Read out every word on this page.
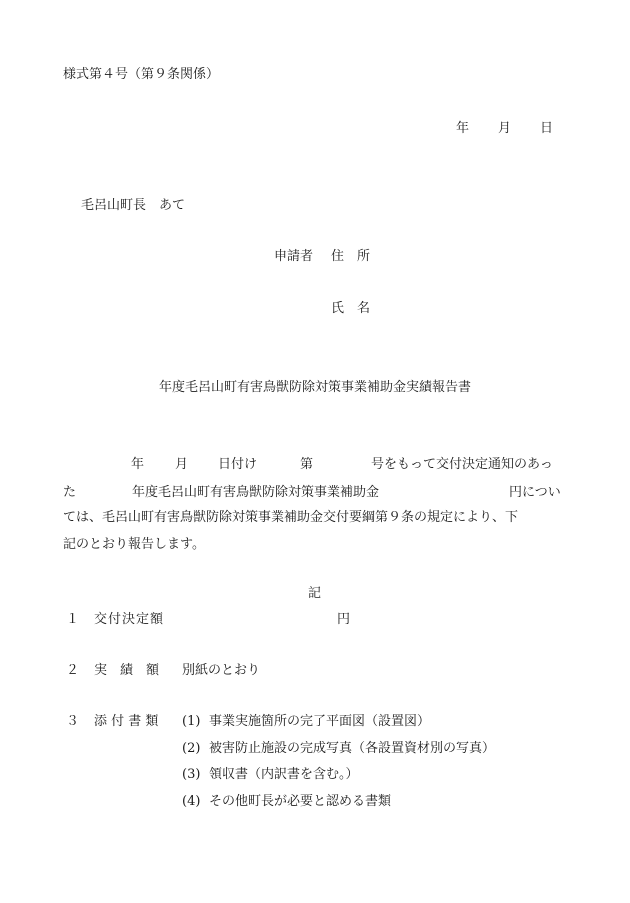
様式第４号（第９条関係）
年 月 日
毛呂山町長　あて
申請者 住　所
氏　名
年度毛呂山町有害鳥獣防除対策事業補助金実績報告書
年 月 日付け	第	号をもって交付決定通知のあっ
た	年度毛呂山町有害鳥獣防除対策事業補助金	円につい
ては、毛呂山町有害鳥獣防除対策事業補助金交付要綱第９条の規定により、下
記のとおり報告します。
記
１ 交付決定額	円
２ 実　績　額 別紙のとおり
３ 添 付 書 類 (1) 事業実施箇所の完了平面図（設置図）
(2) 被害防止施設の完成写真（各設置資材別の写真）
(3) 領収書（内訳書を含む。）
(4) その他町長が必要と認める書類
